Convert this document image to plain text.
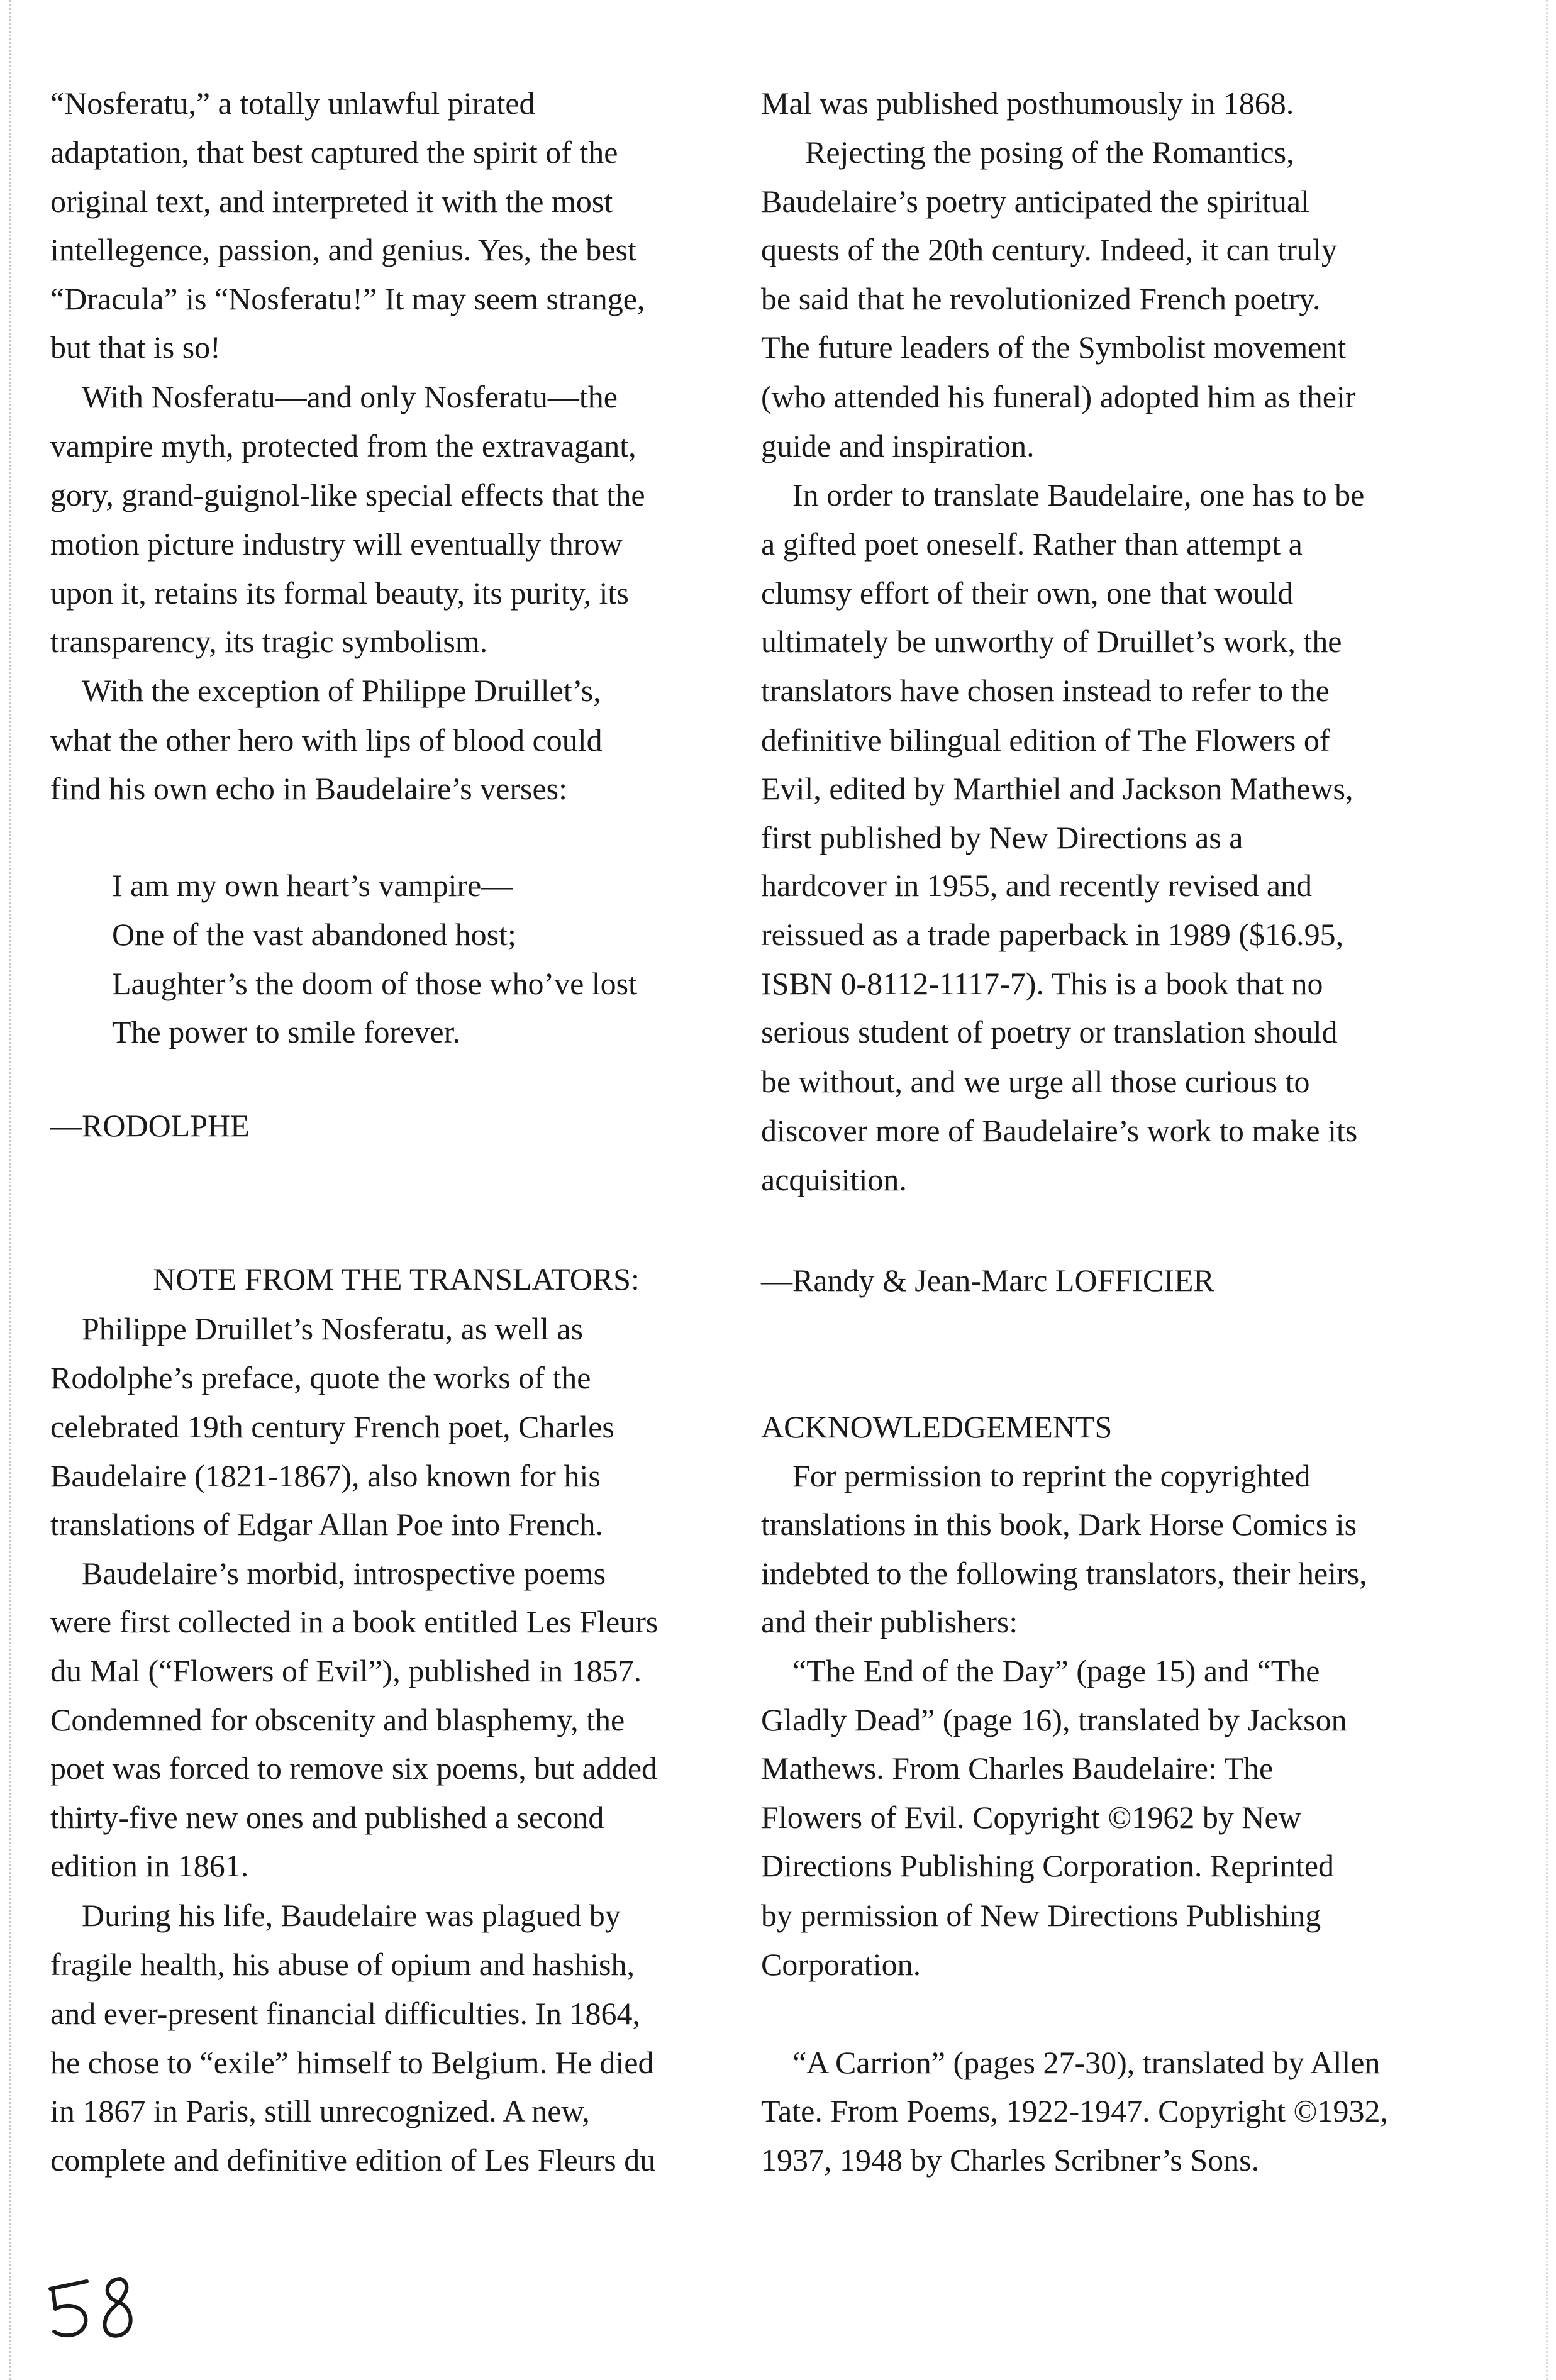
“Nosferatu,” a totally unlawful pirated

adaptation, that best captured the spirit of the

original text, and interpreted it with the most

intellegence, passion, and genius. Yes, the best

“Dracula” is “Nosferatu!” It may seem strange,

but that is so!

With Nosferatu—and only Nosferatu—the

vampire myth, protected from the extravagant,

gory, grand-guignol-like special effects that the

motion picture industry will eventually throw

upon it, retains its formal beauty, its purity, its

transparency, its tragic symbolism.

With the exception of Philippe Druillet’s,

what the other hero with lips of blood could

find his own echo in Baudelaire’s verses:

I am my own heart’s vampire—

One of the vast abandoned host;

Laughter’s the doom of those who’ve lost

The power to smile forever.

—RODOLPHE

NOTE FROM THE TRANSLATORS:

Philippe Druillet’s Nosferatu, as well as

Rodolphe’s preface, quote the works of the

celebrated 19th century French poet, Charles

Baudelaire (1821-1867), also known for his

translations of Edgar Allan Poe into French.

Baudelaire’s morbid, introspective poems

were first collected in a book entitled Les Fleurs

du Mal (“Flowers of Evil”), published in 1857.

Condemned for obscenity and blasphemy, the

poet was forced to remove six poems, but added

thirty-five new ones and published a second

edition in 1861.

During his life, Baudelaire was plagued by

fragile health, his abuse of opium and hashish,

and ever-present financial difficulties. In 1864,

he chose to “exile” himself to Belgium. He died

in 1867 in Paris, still unrecognized. A new,

complete and definitive edition of Les Fleurs du

Mal was published posthumously in 1868.

Rejecting the posing of the Romantics,

Baudelaire’s poetry anticipated the spiritual

quests of the 20th century. Indeed, it can truly

be said that he revolutionized French poetry.

The future leaders of the Symbolist movement

(who attended his funeral) adopted him as their

guide and inspiration.

In order to translate Baudelaire, one has to be

a gifted poet oneself. Rather than attempt a

clumsy effort of their own, one that would

ultimately be unworthy of Druillet’s work, the

translators have chosen instead to refer to the

definitive bilingual edition of The Flowers of

Evil, edited by Marthiel and Jackson Mathews,

first published by New Directions as a

hardcover in 1955, and recently revised and

reissued as a trade paperback in 1989 ($16.95,

ISBN 0-8112-1117-7). This is a book that no

serious student of poetry or translation should

be without, and we urge all those curious to

discover more of Baudelaire’s work to make its

acquisition.

—Randy & Jean-Marc LOFFICIER

ACKNOWLEDGEMENTS

For permission to reprint the copyrighted

translations in this book, Dark Horse Comics is

indebted to the following translators, their heirs,

and their publishers:

“The End of the Day” (page 15) and “The

Gladly Dead” (page 16), translated by Jackson

Mathews. From Charles Baudelaire: The

Flowers of Evil. Copyright ©1962 by New

Directions Publishing Corporation. Reprinted

by permission of New Directions Publishing

Corporation.

“A Carrion” (pages 27-30), translated by Allen

Tate. From Poems, 1922-1947. Copyright ©1932,

1937, 1948 by Charles Scribner’s Sons.
